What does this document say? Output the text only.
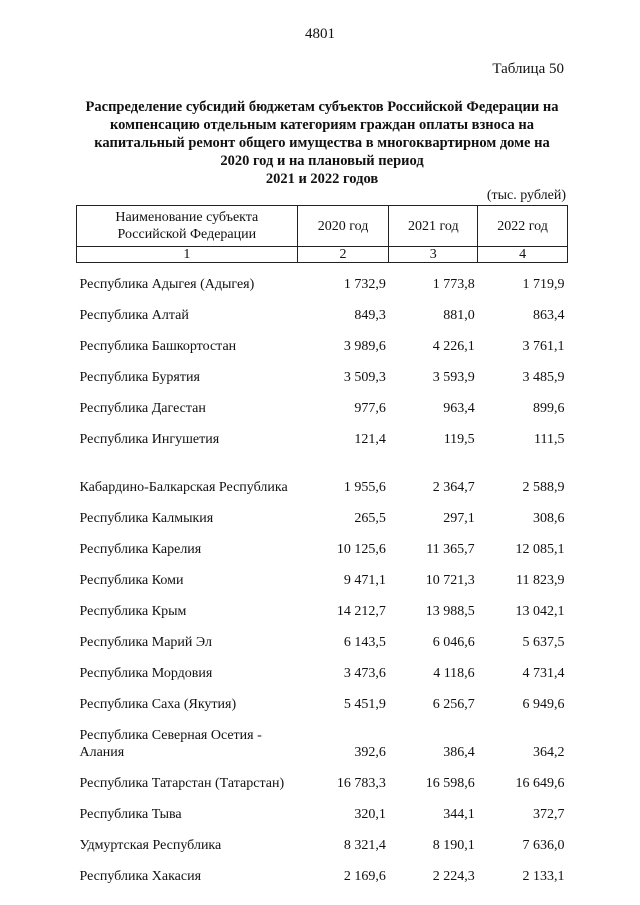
4801
Таблица 50
Распределение субсидий бюджетам субъектов Российской Федерации на
компенсацию отдельным категориям граждан оплаты взноса на
капитальный ремонт общего имущества в многоквартирном доме на
2020 год и на плановый период
2021 и 2022 годов
(тыс. рублей)
Наименование субъекта Российской Федерации	2020 год	2021 год	2022 год
1	2	3	4
Республика Адыгея (Адыгея)	1 732,9	1 773,8	1 719,9
Республика Алтай	849,3	881,0	863,4
Республика Башкортостан	3 989,6	4 226,1	3 761,1
Республика Бурятия	3 509,3	3 593,9	3 485,9
Республика Дагестан	977,6	963,4	899,6
Республика Ингушетия	121,4	119,5	111,5
Кабардино-Балкарская Республика	1 955,6	2 364,7	2 588,9
Республика Калмыкия	265,5	297,1	308,6
Республика Карелия	10 125,6	11 365,7	12 085,1
Республика Коми	9 471,1	10 721,3	11 823,9
Республика Крым	14 212,7	13 988,5	13 042,1
Республика Марий Эл	6 143,5	6 046,6	5 637,5
Республика Мордовия	3 473,6	4 118,6	4 731,4
Республика Саха (Якутия)	5 451,9	6 256,7	6 949,6
Республика Северная Осетия - Алания	392,6	386,4	364,2
Республика Татарстан (Татарстан)	16 783,3	16 598,6	16 649,6
Республика Тыва	320,1	344,1	372,7
Удмуртская Республика	8 321,4	8 190,1	7 636,0
Республика Хакасия	2 169,6	2 224,3	2 133,1
